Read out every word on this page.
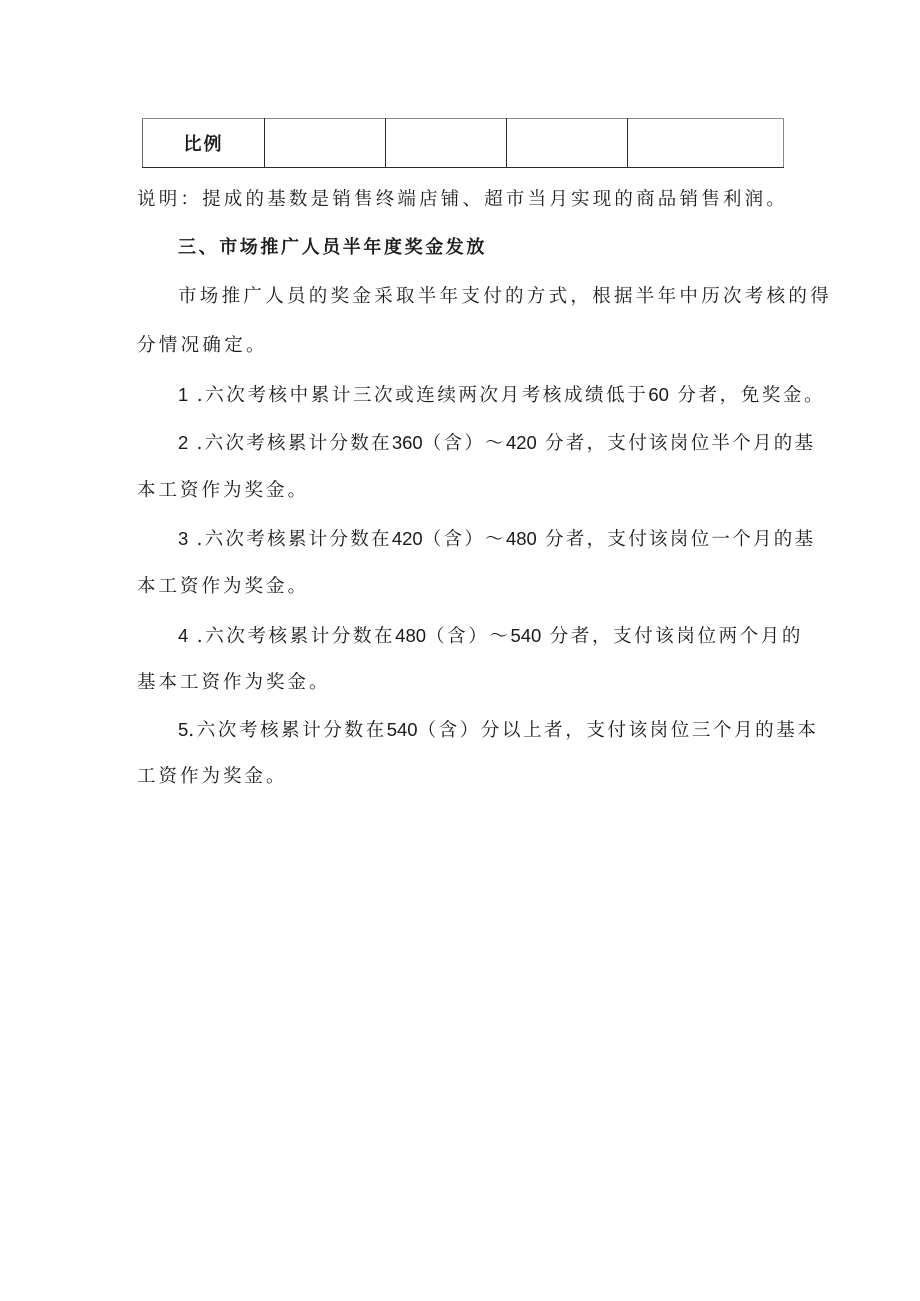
比例				
说明：提成的基数是销售终端店铺、超市当月实现的商品销售利润。
三、市场推广人员半年度奖金发放
市场推广人员的奖金采取半年支付的方式，根据半年中历次考核的得
分情况确定。
1 .六次考核中累计三次或连续两次月考核成绩低于60 分者，免奖金。
2 .六次考核累计分数在360（含）～420 分者，支付该岗位半个月的基
本工资作为奖金。
3 .六次考核累计分数在420（含）～480 分者，支付该岗位一个月的基
本工资作为奖金。
4 .六次考核累计分数在480（含）～540 分者，支付该岗位两个月的
基本工资作为奖金。
5.六次考核累计分数在540（含）分以上者，支付该岗位三个月的基本
工资作为奖金。
